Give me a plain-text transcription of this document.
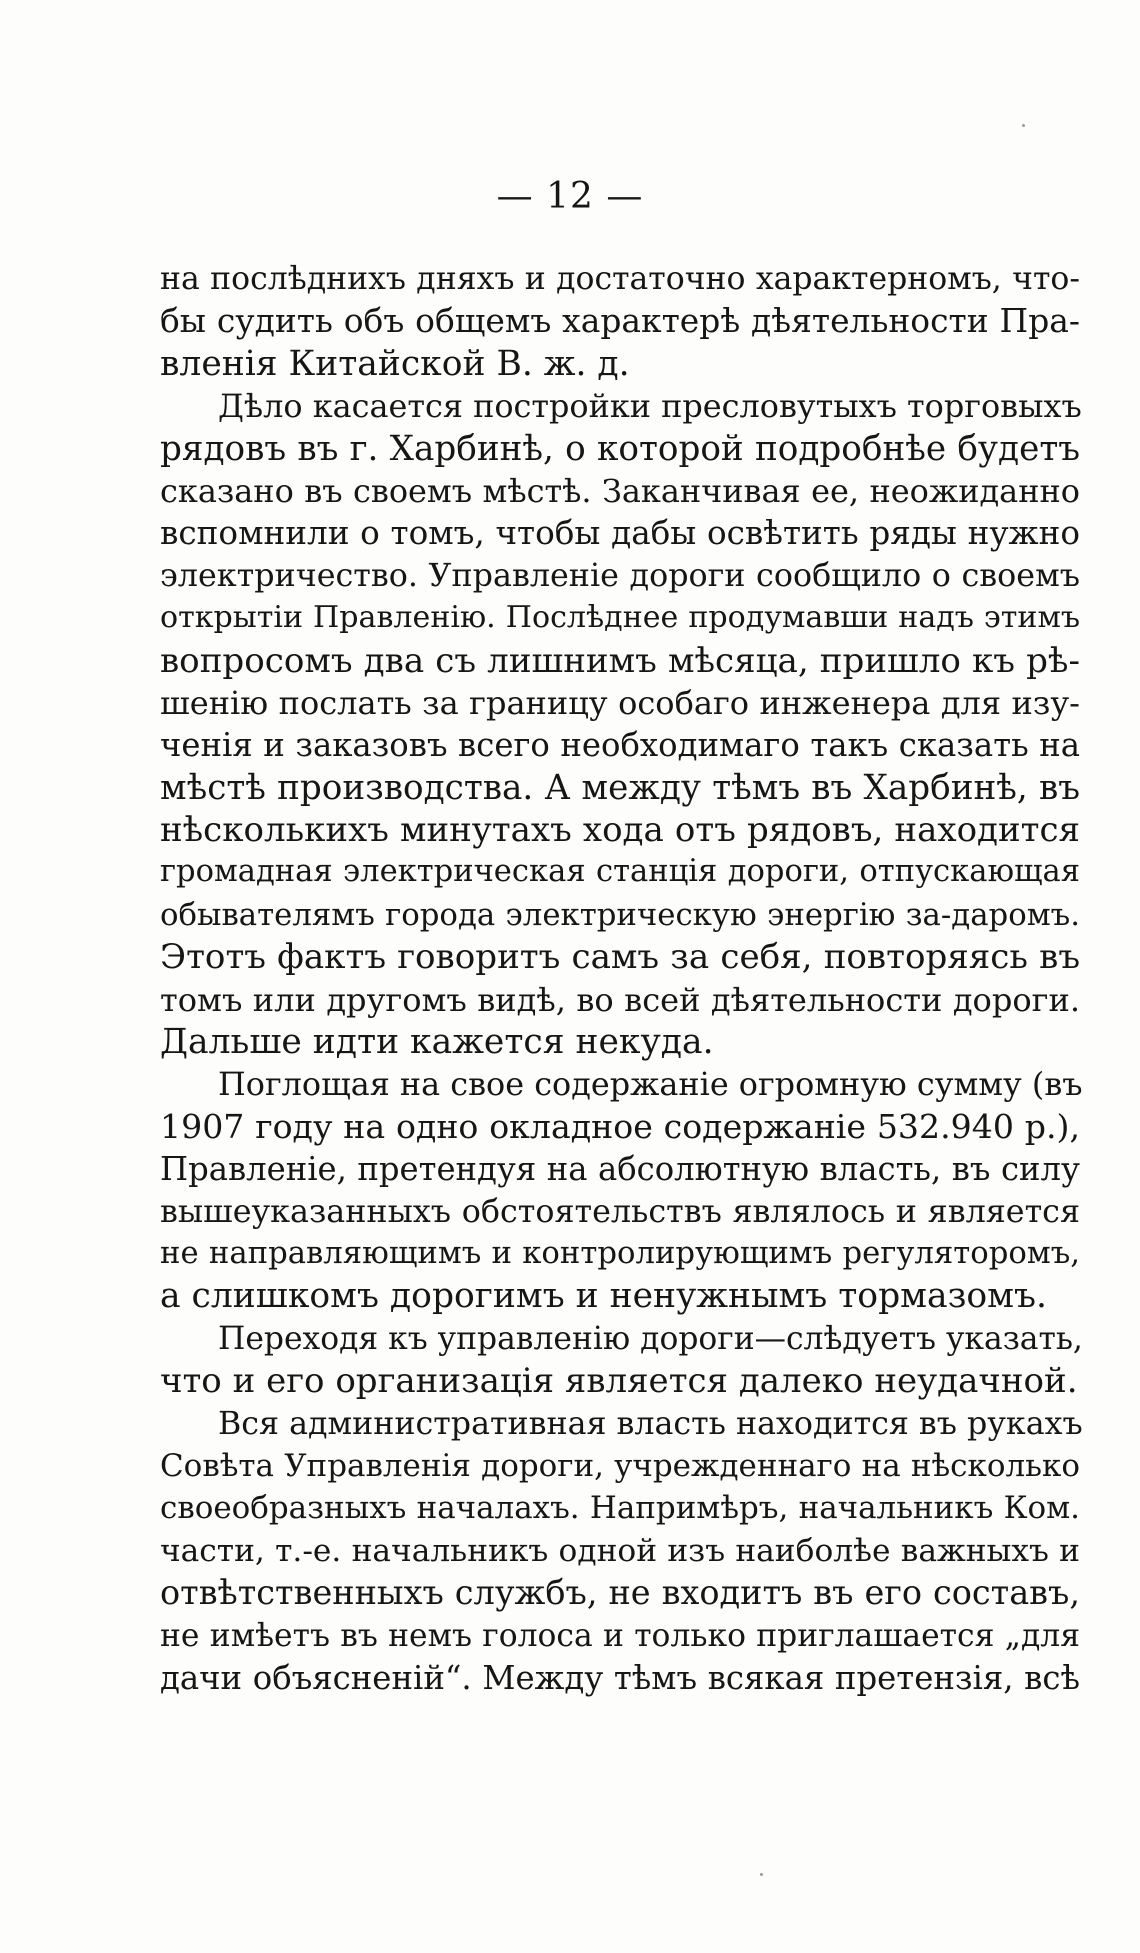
— 12 —
на послѣднихъ дняхъ и достаточно характерномъ, что-
бы судить объ общемъ характерѣ дѣятельности Пра-
вленія Китайской В. ж. д.
Дѣло касается постройки пресловутыхъ торговыхъ
рядовъ въ г. Харбинѣ, о которой подробнѣе будетъ
сказано въ своемъ мѣстѣ. Заканчивая ее, неожиданно
вспомнили о томъ, чтобы дабы освѣтить ряды нужно
электричество. Управленіе дороги сообщило о своемъ
открытіи Правленію. Послѣднее продумавши надъ этимъ
вопросомъ два съ лишнимъ мѣсяца, пришло къ рѣ-
шенію послать за границу особаго инженера для изу-
ченія и заказовъ всего необходимаго такъ сказать на
мѣстѣ производства. А между тѣмъ въ Харбинѣ, въ
нѣсколькихъ минутахъ хода отъ рядовъ, находится
громадная электрическая станція дороги, отпускающая
обывателямъ города электрическую энергію за-даромъ.
Этотъ фактъ говоритъ самъ за себя, повторяясь въ
томъ или другомъ видѣ, во всей дѣятельности дороги.
Дальше идти кажется некуда.
Поглощая на свое содержаніе огромную сумму (въ
1907 году на одно окладное содержаніе 532.940 р.),
Правленіе, претендуя на абсолютную власть, въ силу
вышеуказанныхъ обстоятельствъ являлось и является
не направляющимъ и контролирующимъ регуляторомъ,
а слишкомъ дорогимъ и ненужнымъ тормазомъ.
Переходя къ управленію дороги—слѣдуетъ указать,
что и его организація является далеко неудачной.
Вся административная власть находится въ рукахъ
Совѣта Управленія дороги, учрежденнаго на нѣсколько
своеобразныхъ началахъ. Напримѣръ, начальникъ Ком.
части, т.-е. начальникъ одной изъ наиболѣе важныхъ и
отвѣтственныхъ службъ, не входитъ въ его составъ,
не имѣетъ въ немъ голоса и только приглашается „для
дачи объясненій“. Между тѣмъ всякая претензія, всѣ
